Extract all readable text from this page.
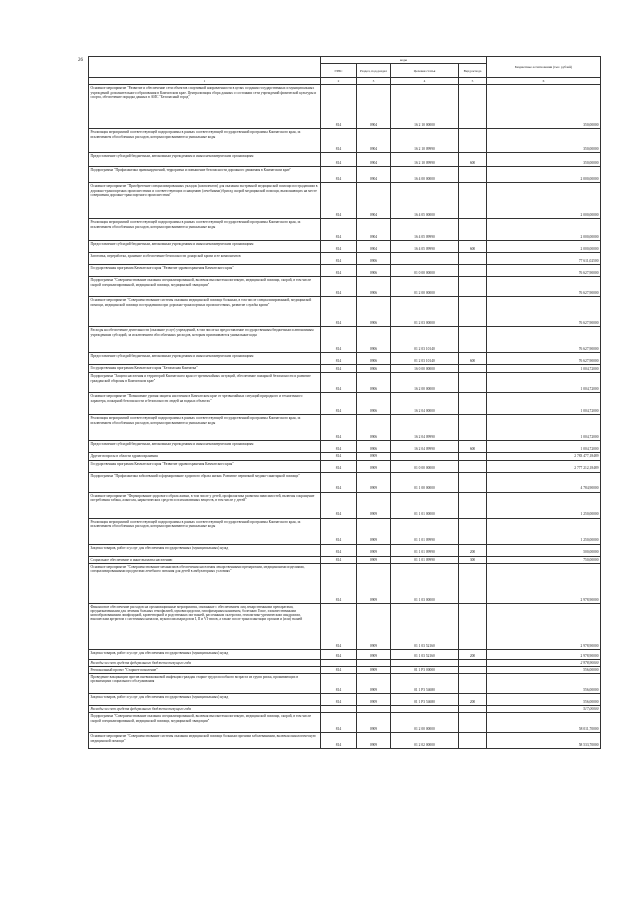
26
		коды				Бюджетные ассигнования (тыс. рублей)
	ГРБС	Раздел, под-раздел	Целевая статья	Вид расхода	
1	2	3	4	5	6
Основное мероприятие "Развитие и обеспечение сети объектов спортивной направленности в целях создания государственных и муниципальных учреждений дополнительного образования в Камчатском крае. Централизация сбора данных о состоянии сети учреждений физической культуры и спорта, обеспечение порядка данных в АИС "Безопасный город"	814	0904	16 2 10 00000		350,00000
Реализация мероприятий соответствующей подпрограммы в рамках соответствующей государственной программы Камчатского края, за исключением обособленных расходов, которым присваиваются уникальные коды	814	0904	16 2 10 09990		350,00000
Предоставление субсидий бюджетным, автономным учреждениям и иным некоммерческим организациям	814	0904	16 2 10 09990	600	350,00000
Подпрограмма "Профилактика правонарушений, терроризма и повышение безопасности дорожного движения в Камчатском крае"	814	0904	16 4 00 00000		2 000,00000
Основное мероприятие "Приобретение специализированных укладок (комплектов) для оказания экстренной медицинской помощи пострадавшим в дорожно-транспортных происшествиях и соответствующих оснащению (лечебными) бригад скорой медицинской помощи, выполняющих на месте совершения дорожно-транспортного происшествия"	814	0904	16 4 05 00000		2 000,00000
Реализация мероприятий соответствующей подпрограммы в рамках соответствующей государственной программы Камчатского края, за исключением обособленных расходов, которым присваиваются уникальные коды	814	0904	16 4 05 09990		2 000,00000
Предоставление субсидий бюджетным, автономным учреждениям и иным некоммерческим организациям	814	0904	16 4 05 09990	600	2 000,00000
Заготовка, переработка, хранение и обеспечение безопасности донорской крови и ее компонентов	814	0906			77 611,02500
Государственная программа Камчатского края "Развитие здравоохранения Камчатского края"	814	0906	01 0 00 00000		76 627,90000
Подпрограмма "Совершенствование оказания специализированной, включая высокотехнологичную, медицинской помощи, скорой, в том числе скорой специализированной, медицинской помощи, медицинской эвакуации"	814	0906	01 2 00 00000		76 627,90000
Основное мероприятие "Совершенствование системы оказания медицинской помощи больным, в том числе специализированной, медицинской помощи, медицинской помощи пострадавшим при дорожно-транспортных происшествиях, развитие службы крови"	814	0906	01 2 03 00000		76 627,90000
Расходы на обеспечение деятельности (оказание услуг) учреждений, в том числе на предоставление государственным бюджетным и автономным учреждениям субсидий, за исключением обособленных расходов, которым присваиваются уникальные коды	814	0906	01 2 03 10140		76 627,90000
Предоставление субсидий бюджетным, автономным учреждениям и иным некоммерческим организациям	814	0906	01 2 03 10140	600	76 627,90000
Государственная программа Камчатского края "Безопасная Камчатка"	814	0906	16 0 00 00000		1 004,72000
Подпрограмма "Защита населения и территорий Камчатского края от чрезвычайных ситуаций, обеспечение пожарной безопасности и развитие гражданской обороны в Камчатском крае"	814	0906	16 2 00 00000		1 004,72000
Основное мероприятие "Повышение уровня защиты населения в Камчатском крае от чрезвычайных ситуаций природного и техногенного характера, пожарной безопасности и безопасности людей на водных объектах"	814	0906	16 2 04 00000		1 004,72000
Реализация мероприятий соответствующей подпрограммы в рамках соответствующей государственной программы Камчатского края, за исключением обособленных расходов, которым присваиваются уникальные коды	814	0906	16 2 04 09990		1 004,72000
Предоставление субсидий бюджетным, автономным учреждениям и иным некоммерческим организациям	814	0906	16 2 04 09990	600	1 004,72000
Другие вопросы в области здравоохранения	814	0909			2 783 477,18489
Государственная программа Камчатского края "Развитие здравоохранения Камчатского края"	814	0909	01 0 00 00000		2 777 212,18489
Подпрограмма "Профилактика заболеваний и формирование здорового образа жизни. Развитие первичной медико-санитарной помощи"	814	0909	01 1 00 00000		4 784,90000
Основное мероприятие "Формирование здорового образа жизни, в том числе у детей, профилактика развития зависимостей, включая сокращение потребления табака, алкоголя, наркотических средств и психоактивных веществ, в том числе у детей"	814	0909	01 1 01 00000		1 250,00000
Реализация мероприятий соответствующей подпрограммы в рамках соответствующей государственной программы Камчатского края, за исключением обособленных расходов, которым присваиваются уникальные коды	814	0909	01 1 01 09990		1 250,00000
Закупка товаров, работ и услуг для обеспечения государственных (муниципальных) нужд	814	0909	01 1 01 09990	200	500,00000
Социальное обеспечение и иные выплаты населению	814	0909	01 1 01 09990	300	750,00000
Основное мероприятие "Совершенствование механизмов обеспечения населения лекарственными препаратами, медицинскими изделиями, специализированными продуктами лечебного питания для детей в амбулаторных условиях"	814	0909	01 1 03 00000		2 978,90000
Финансовое обеспечение расходов на организационные мероприятия, связанные с обеспечением лиц лекарственными препаратами, предназначенными для лечения больных гемофилией, муковисцидозом, гипофизарным нанизмом, болезнью Гоше, злокачественными новообразованиями лимфоидной, кроветворной и родственных им тканей, рассеянным склерозом, гемолитико-уремическим синдромом, юношеским артритом с системным началом, мукополисахаридозом I, II и VI типов, а также после трансплантации органов и (или) тканей	814	0909	01 1 03 52160		2 978,90000
Закупка товаров, работ и услуг для обеспечения государственных (муниципальных) нужд	814	0909	01 1 03 52160	200	2 978,90000
Расходы за счет средств федерального бюджета текущего года					2 978,90000
Региональный проект "Старшее поколение"	814	0909	01 1 P3 00000		556,00000
Проведение вакцинации против пневмококковой инфекции граждан старше трудоспособного возраста из групп риска, проживающих в организациях социального обслуживания	814	0909	01 1 P3 54680		556,00000
Закупка товаров, работ и услуг для обеспечения государственных (муниципальных) нужд	814	0909	01 1 P3 54680	200	556,00000
Расходы за счет средств федерального бюджета текущего года					517,00000
Подпрограмма "Совершенствование оказания специализированной, включая высокотехнологичную, медицинской помощи, скорой, в том числе скорой специализированной, медицинской помощи, медицинской эвакуации"	814	0909	01 2 00 00000		58 011,70000
Основное мероприятие "Совершенствование системы оказания медицинской помощи больным прочими заболеваниями, включая онкологическую медицинской помощи"	814	0909	01 2 02 00000		58 533,70000
